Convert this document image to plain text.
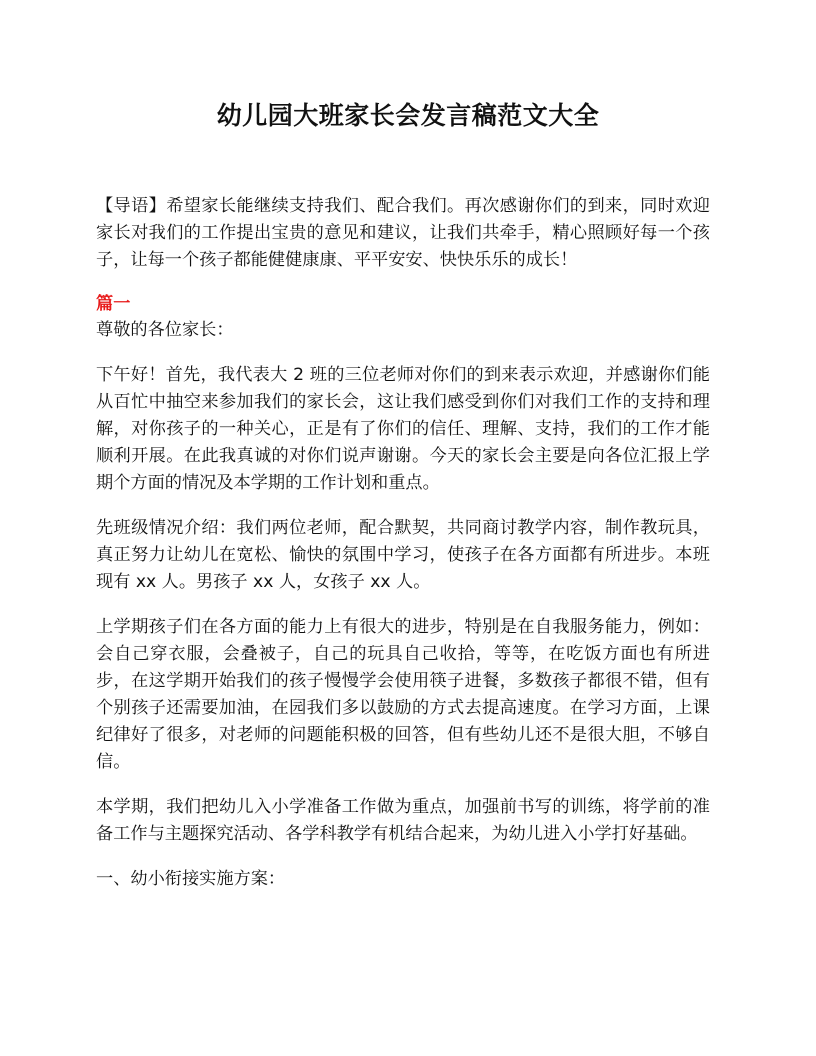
幼儿园大班家长会发言稿范文大全

【导语】希望家长能继续支持我们、配合我们。再次感谢你们的到来，同时欢迎家长对我们的工作提出宝贵的意见和建议，让我们共牵手，精心照顾好每一个孩子，让每一个孩子都能健健康康、平平安安、快快乐乐的成长！

篇一

尊敬的各位家长：

下午好！首先，我代表大 2 班的三位老师对你们的到来表示欢迎，并感谢你们能从百忙中抽空来参加我们的家长会，这让我们感受到你们对我们工作的支持和理解，对你孩子的一种关心，正是有了你们的信任、理解、支持，我们的工作才能顺利开展。在此我真诚的对你们说声谢谢。今天的家长会主要是向各位汇报上学期个方面的情况及本学期的工作计划和重点。

先班级情况介绍：我们两位老师，配合默契，共同商讨教学内容，制作教玩具，真正努力让幼儿在宽松、愉快的氛围中学习，使孩子在各方面都有所进步。本班现有 xx 人。男孩子 xx 人，女孩子 xx 人。

上学期孩子们在各方面的能力上有很大的进步，特别是在自我服务能力，例如：会自己穿衣服，会叠被子，自己的玩具自己收拾，等等，在吃饭方面也有所进步，在这学期开始我们的孩子慢慢学会使用筷子进餐，多数孩子都很不错，但有个别孩子还需要加油，在园我们多以鼓励的方式去提高速度。在学习方面，上课纪律好了很多，对老师的问题能积极的回答，但有些幼儿还不是很大胆，不够自信。

本学期，我们把幼儿入小学准备工作做为重点，加强前书写的训练，将学前的准备工作与主题探究活动、各学科教学有机结合起来，为幼儿进入小学打好基础。

一、幼小衔接实施方案：
